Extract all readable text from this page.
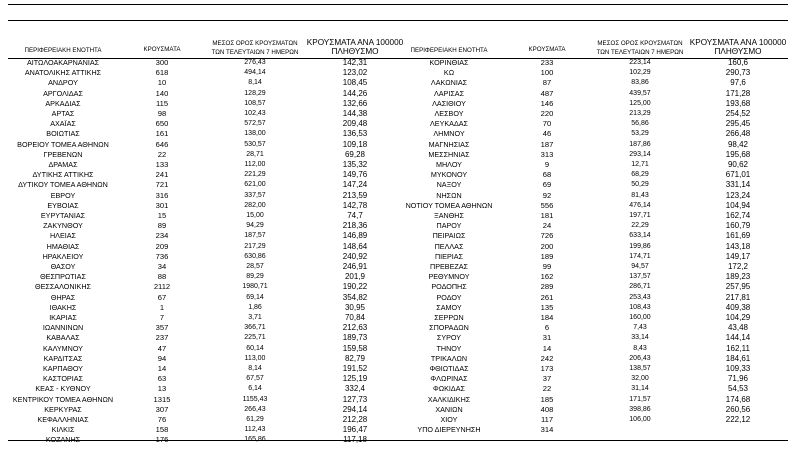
ΠΕΡΙΦΕΡΕΙΑΚΗ ΕΝΟΤΗΤΑ	ΚΡΟΥΣΜΑΤΑ
ΜΕΣΟΣ ΟΡΟΣ ΚΡΟΥΣΜΑΤΩΝ
ΤΩΝ ΤΕΛΕΥΤΑΙΩΝ 7 ΗΜΕΡΩΝ
ΚΡΟΥΣΜΑΤΑ ΑΝΑ 100000
ΠΛΗΘΥΣΜΟ	ΠΕΡΙΦΕΡΕΙΑΚΗ ΕΝΟΤΗΤΑ	ΚΡΟΥΣΜΑΤΑ
ΜΕΣΟΣ ΟΡΟΣ ΚΡΟΥΣΜΑΤΩΝ
ΤΩΝ ΤΕΛΕΥΤΑΙΩΝ 7 ΗΜΕΡΩΝ
ΚΡΟΥΣΜΑΤΑ ΑΝΑ 100000
ΠΛΗΘΥΣΜΟ
ΑΙΤΩΛΟΑΚΑΡΝΑΝΙΑΣ	300	276,43	142,31
ΑΝΑΤΟΛΙΚΗΣ ΑΤΤΙΚΗΣ	618	494,14	123,02
ΑΝΔΡΟΥ	10	8,14	108,45
ΑΡΓΟΛΙΔΑΣ	140	128,29	144,26
ΑΡΚΑΔΙΑΣ	115	108,57	132,66
ΑΡΤΑΣ	98	102,43	144,38
ΑΧΑΪΑΣ	650	572,57	209,48
ΒΟΙΩΤΙΑΣ	161	138,00	136,53
ΒΟΡΕΙΟΥ ΤΟΜΕΑ ΑΘΗΝΩΝ	646	530,57	109,18
ΓΡΕΒΕΝΩΝ	22	28,71	69,28
ΔΡΑΜΑΣ	133	112,00	135,32
ΔΥΤΙΚΗΣ ΑΤΤΙΚΗΣ	241	221,29	149,76
ΔΥΤΙΚΟΥ ΤΟΜΕΑ ΑΘΗΝΩΝ	721	621,00	147,24
ΕΒΡΟΥ	316	337,57	213,59
ΕΥΒΟΙΑΣ	301	282,00	142,78
ΕΥΡΥΤΑΝΙΑΣ	15	15,00	74,7
ΖΑΚΥΝΘΟΥ	89	94,29	218,36
ΗΛΕΙΑΣ	234	187,57	146,89
ΗΜΑΘΙΑΣ	209	217,29	148,64
ΗΡΑΚΛΕΙΟΥ	736	630,86	240,92
ΘΑΣΟΥ	34	28,57	246,91
ΘΕΣΠΡΩΤΙΑΣ	88	89,29	201,9
ΘΕΣΣΑΛΟΝΙΚΗΣ	2112	1980,71	190,22
ΘΗΡΑΣ	67	69,14	354,82
ΙΘΑΚΗΣ	1	1,86	30,95
ΙΚΑΡΙΑΣ	7	3,71	70,84
ΙΩΑΝΝΙΝΩΝ	357	366,71	212,63
ΚΑΒΑΛΑΣ	237	225,71	189,73
ΚΑΛΥΜΝΟΥ	47	60,14	159,58
ΚΑΡΔΙΤΣΑΣ	94	113,00	82,79
ΚΑΡΠΑΘΟΥ	14	8,14	191,52
ΚΑΣΤΟΡΙΑΣ	63	67,57	125,19
ΚΕΑΣ - ΚΥΘΝΟΥ	13	6,14	332,4
ΚΕΝΤΡΙΚΟΥ ΤΟΜΕΑ ΑΘΗΝΩΝ	1315	1155,43	127,73
ΚΕΡΚΥΡΑΣ	307	266,43	294,14
ΚΕΦΑΛΛΗΝΙΑΣ	76	61,29	212,28
ΚΙΛΚΙΣ	158	112,43	196,47
ΚΟΖΑΝΗΣ	176	165,86	117,18
ΚΟΡΙΝΘΙΑΣ	233	223,14	160,6
ΚΩ	100	102,29	290,73
ΛΑΚΩΝΙΑΣ	87	83,86	97,6
ΛΑΡΙΣΑΣ	487	439,57	171,28
ΛΑΣΙΘΙΟΥ	146	125,00	193,68
ΛΕΣΒΟΥ	220	213,29	254,52
ΛΕΥΚΑΔΑΣ	70	56,86	295,45
ΛΗΜΝΟΥ	46	53,29	266,48
ΜΑΓΝΗΣΙΑΣ	187	187,86	98,42
ΜΕΣΣΗΝΙΑΣ	313	293,14	195,68
ΜΗΛΟΥ	9	12,71	90,62
ΜΥΚΟΝΟΥ	68	68,29	671,01
ΝΑΞΟΥ	69	50,29	331,14
ΝΗΣΩΝ	92	81,43	123,24
ΝΟΤΙΟΥ ΤΟΜΕΑ ΑΘΗΝΩΝ	556	476,14	104,94
ΞΑΝΘΗΣ	181	197,71	162,74
ΠΑΡΟΥ	24	22,29	160,79
ΠΕΙΡΑΙΩΣ	726	633,14	161,69
ΠΕΛΛΑΣ	200	199,86	143,18
ΠΙΕΡΙΑΣ	189	174,71	149,17
ΠΡΕΒΕΖΑΣ	99	94,57	172,2
ΡΕΘΥΜΝΟΥ	162	137,57	189,23
ΡΟΔΟΠΗΣ	289	286,71	257,95
ΡΟΔΟΥ	261	253,43	217,81
ΣΑΜΟΥ	135	108,43	409,38
ΣΕΡΡΩΝ	184	160,00	104,29
ΣΠΟΡΑΔΩΝ	6	7,43	43,48
ΣΥΡΟΥ	31	33,14	144,14
ΤΗΝΟΥ	14	8,43	162,11
ΤΡΙΚΑΛΩΝ	242	206,43	184,61
ΦΘΙΩΤΙΔΑΣ	173	138,57	109,33
ΦΛΩΡΙΝΑΣ	37	32,00	71,96
ΦΩΚΙΔΑΣ	22	31,14	54,53
ΧΑΛΚΙΔΙΚΗΣ	185	171,57	174,68
ΧΑΝΙΩΝ	408	398,86	260,56
ΧΙΟΥ	117	106,00	222,12
ΥΠΟ ΔΙΕΡΕΥΝΗΣΗ	314
